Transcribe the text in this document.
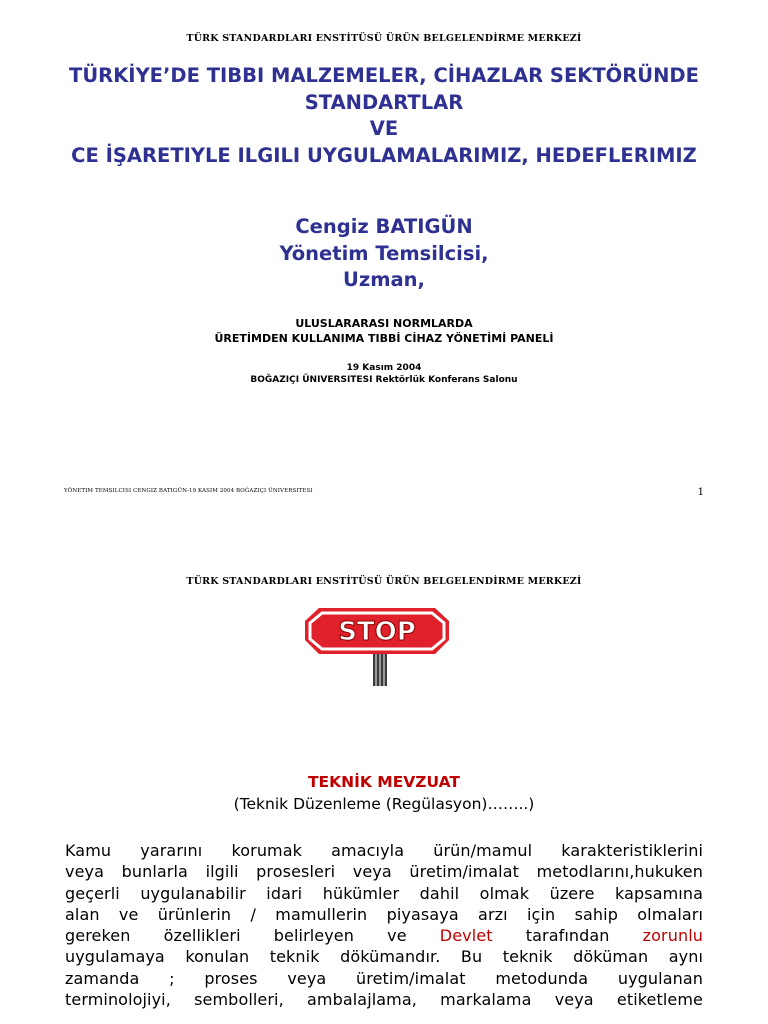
TÜRK STANDARDLARI ENSTİTÜSÜ ÜRÜN BELGELENDİRME MERKEZİ
TÜRKİYE’DE TIBBI MALZEMELER, CİHAZLAR SEKTÖRÜNDE
STANDARTLAR
VE
CE İŞARETIYLE ILGILI UYGULAMALARIMIZ, HEDEFLERIMIZ
Cengiz BATIGÜN
Yönetim Temsilcisi,
Uzman,
ULUSLARARASI NORMLARDA
ÜRETİMDEN KULLANIMA TIBBİ CİHAZ YÖNETİMİ PANELİ
19 Kasım 2004
BOĞAZIÇI ÜNIVERSITESI Rektörlük Konferans Salonu
YÖNETIM TEMSILCISI CENGIZ BATIGÜN-19 KASIM 2004 BOĞAZIÇI ÜNIVERSITESI	1
TÜRK STANDARDLARI ENSTİTÜSÜ ÜRÜN BELGELENDİRME MERKEZİ
STOP
TEKNİK MEVZUAT
(Teknik Düzenleme (Regülasyon)……..)
Kamu yararını korumak amacıyla ürün/mamul karakteristiklerini
veya bunlarla ilgili prosesleri veya üretim/imalat metodlarını,hukuken
geçerli uygulanabilir idari hükümler dahil olmak üzere kapsamına
alan ve ürünlerin / mamullerin piyasaya arzı için sahip olmaları
gereken özellikleri belirleyen ve Devlet tarafından zorunlu
uygulamaya konulan teknik dökümandır. Bu teknik döküman aynı
zamanda ; proses veya üretim/imalat metodunda uygulanan
terminolojiyi, sembolleri, ambalajlama, markalama veya etiketleme
